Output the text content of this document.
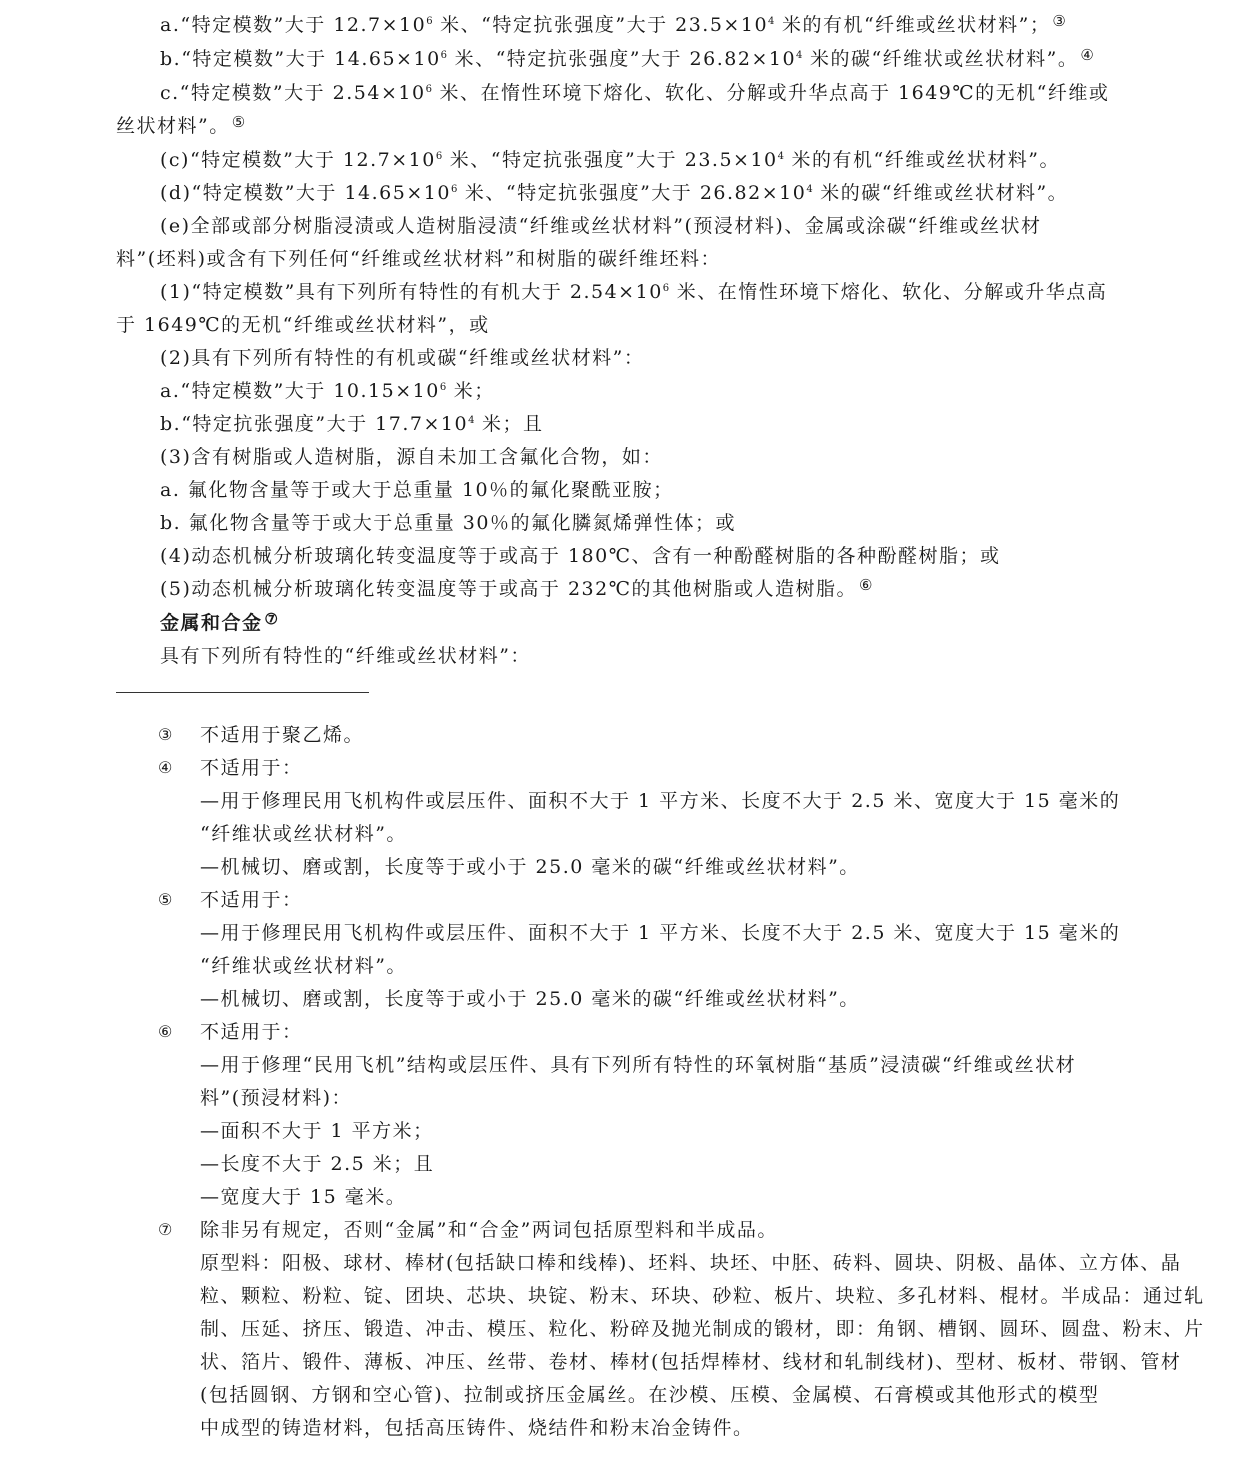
a.“特定模数”大于 $12.7\times 10^6$ 米、“特定抗张强度”大于 $23.5\times 10^4$ 米的有机“纤维或丝状材料”； ③
b.“特定模数”大于 $14.65\times 10^6$ 米、“特定抗张强度”大于 $26.82\times 10^4$ 米的碳“纤维状或丝状材料”。 ④
c.“特定模数”大于 $2.54\times 10^6$ 米、在惰性环境下熔化、软化、分解或升华点高于 1649℃的无机“纤维或
丝状材料”。 ⑤
(c)“特定模数”大于 $12.7\times 10^6$ 米、“特定抗张强度”大于 $23.5\times 10^4$ 米的有机“纤维或丝状材料”。
(d)“特定模数”大于 $14.65\times 10^6$ 米、“特定抗张强度”大于 $26.82\times 10^4$ 米的碳“纤维或丝状材料”。
(e)全部或部分树脂浸渍或人造树脂浸渍“纤维或丝状材料”(预浸材料)、金属或涂碳“纤维或丝状材
料”(坯料)或含有下列任何“纤维或丝状材料”和树脂的碳纤维坯料：
(1)“特定模数”具有下列所有特性的有机大于 $2.54\times 10^6$ 米、在惰性环境下熔化、软化、分解或升华点高
于 1649℃的无机“纤维或丝状材料”，或
(2)具有下列所有特性的有机或碳“纤维或丝状材料”：
a.“特定模数”大于 $10.15\times 10^6$ 米；
b.“特定抗张强度”大于 $17.7\times 10^4$ 米；且
(3)含有树脂或人造树脂，源自未加工含氟化合物，如：
a. 氟化物含量等于或大于总重量 10％的氟化聚酰亚胺；
b. 氟化物含量等于或大于总重量 30％的氟化膦氮烯弹性体；或
(4)动态机械分析玻璃化转变温度等于或高于 180℃、含有一种酚醛树脂的各种酚醛树脂；或
(5)动态机械分析玻璃化转变温度等于或高于 232℃的其他树脂或人造树脂。 ⑥
金属和合金 ⑦
具有下列所有特性的“纤维或丝状材料”：
③ 不适用于聚乙烯。
④ 不适用于：
—用于修理民用飞机构件或层压件、面积不大于 1 平方米、长度不大于 2.5 米、宽度大于 15 毫米的
“纤维状或丝状材料”。
—机械切、磨或割，长度等于或小于 25.0 毫米的碳“纤维或丝状材料”。
⑤ 不适用于：
—用于修理民用飞机构件或层压件、面积不大于 1 平方米、长度不大于 2.5 米、宽度大于 15 毫米的
“纤维状或丝状材料”。
—机械切、磨或割，长度等于或小于 25.0 毫米的碳“纤维或丝状材料”。
⑥ 不适用于：
—用于修理“民用飞机”结构或层压件、具有下列所有特性的环氧树脂“基质”浸渍碳“纤维或丝状材
料”(预浸材料)：
—面积不大于 1 平方米；
—长度不大于 2.5 米；且
—宽度大于 15 毫米。
⑦ 除非另有规定，否则“金属”和“合金”两词包括原型料和半成品。
原型料：阳极、球材、棒材(包括缺口棒和线棒)、坯料、块坯、中胚、砖料、圆块、阴极、晶体、立方体、晶
粒、颗粒、粉粒、锭、团块、芯块、块锭、粉末、环块、砂粒、板片、块粒、多孔材料、棍材。半成品：通过轧
制、压延、挤压、锻造、冲击、模压、粒化、粉碎及抛光制成的锻材，即：角钢、槽钢、圆环、圆盘、粉末、片
状、箔片、锻件、薄板、冲压、丝带、卷材、棒材(包括焊棒材、线材和轧制线材)、型材、板材、带钢、管材
(包括圆钢、方钢和空心管)、拉制或挤压金属丝。在沙模、压模、金属模、石膏模或其他形式的模型
中成型的铸造材料，包括高压铸件、烧结件和粉末冶金铸件。
